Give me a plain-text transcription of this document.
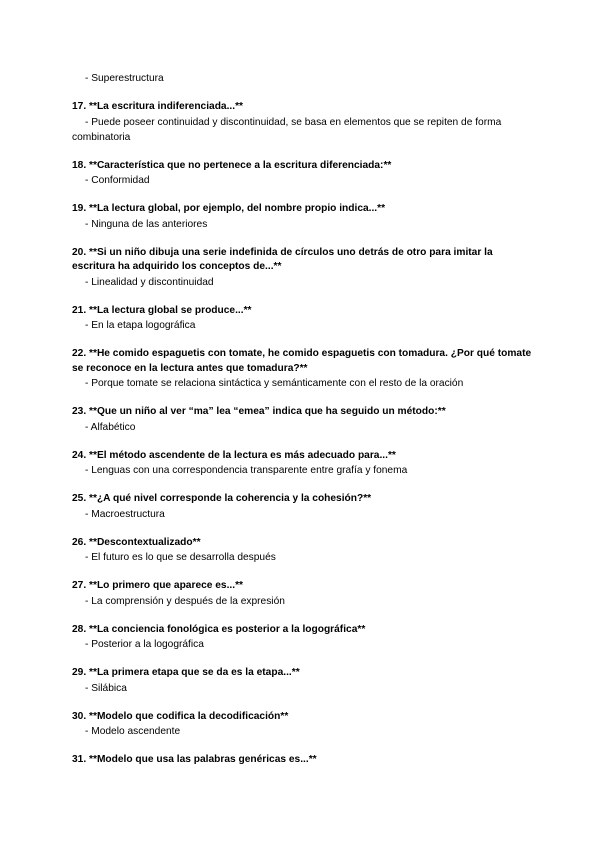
- Superestructura
17. **La escritura indiferenciada...**
- Puede poseer continuidad y discontinuidad, se basa en elementos que se repiten de forma combinatoria
18. **Característica que no pertenece a la escritura diferenciada:**
- Conformidad
19. **La lectura global, por ejemplo, del nombre propio indica...**
- Ninguna de las anteriores
20. **Si un niño dibuja una serie indefinida de círculos uno detrás de otro para imitar la escritura ha adquirido los conceptos de...**
- Linealidad y discontinuidad
21. **La lectura global se produce...**
- En la etapa logográfica
22. **He comido espaguetis con tomate, he comido espaguetis con tomadura. ¿Por qué tomate se reconoce en la lectura antes que tomadura?**
- Porque tomate se relaciona sintáctica y semánticamente con el resto de la oración
23. **Que un niño al ver “ma” lea “emea” indica que ha seguido un método:**
- Alfabético
24. **El método ascendente de la lectura es más adecuado para...**
- Lenguas con una correspondencia transparente entre grafía y fonema
25. **¿A qué nivel corresponde la coherencia y la cohesión?**
- Macroestructura
26. **Descontextualizado**
- El futuro es lo que se desarrolla después
27. **Lo primero que aparece es...**
- La comprensión y después de la expresión
28. **La conciencia fonológica es posterior a la logográfica**
- Posterior a la logográfica
29. **La primera etapa que se da es la etapa...**
- Silábica
30. **Modelo que codifica la decodificación**
- Modelo ascendente
31. **Modelo que usa las palabras genéricas es...**
